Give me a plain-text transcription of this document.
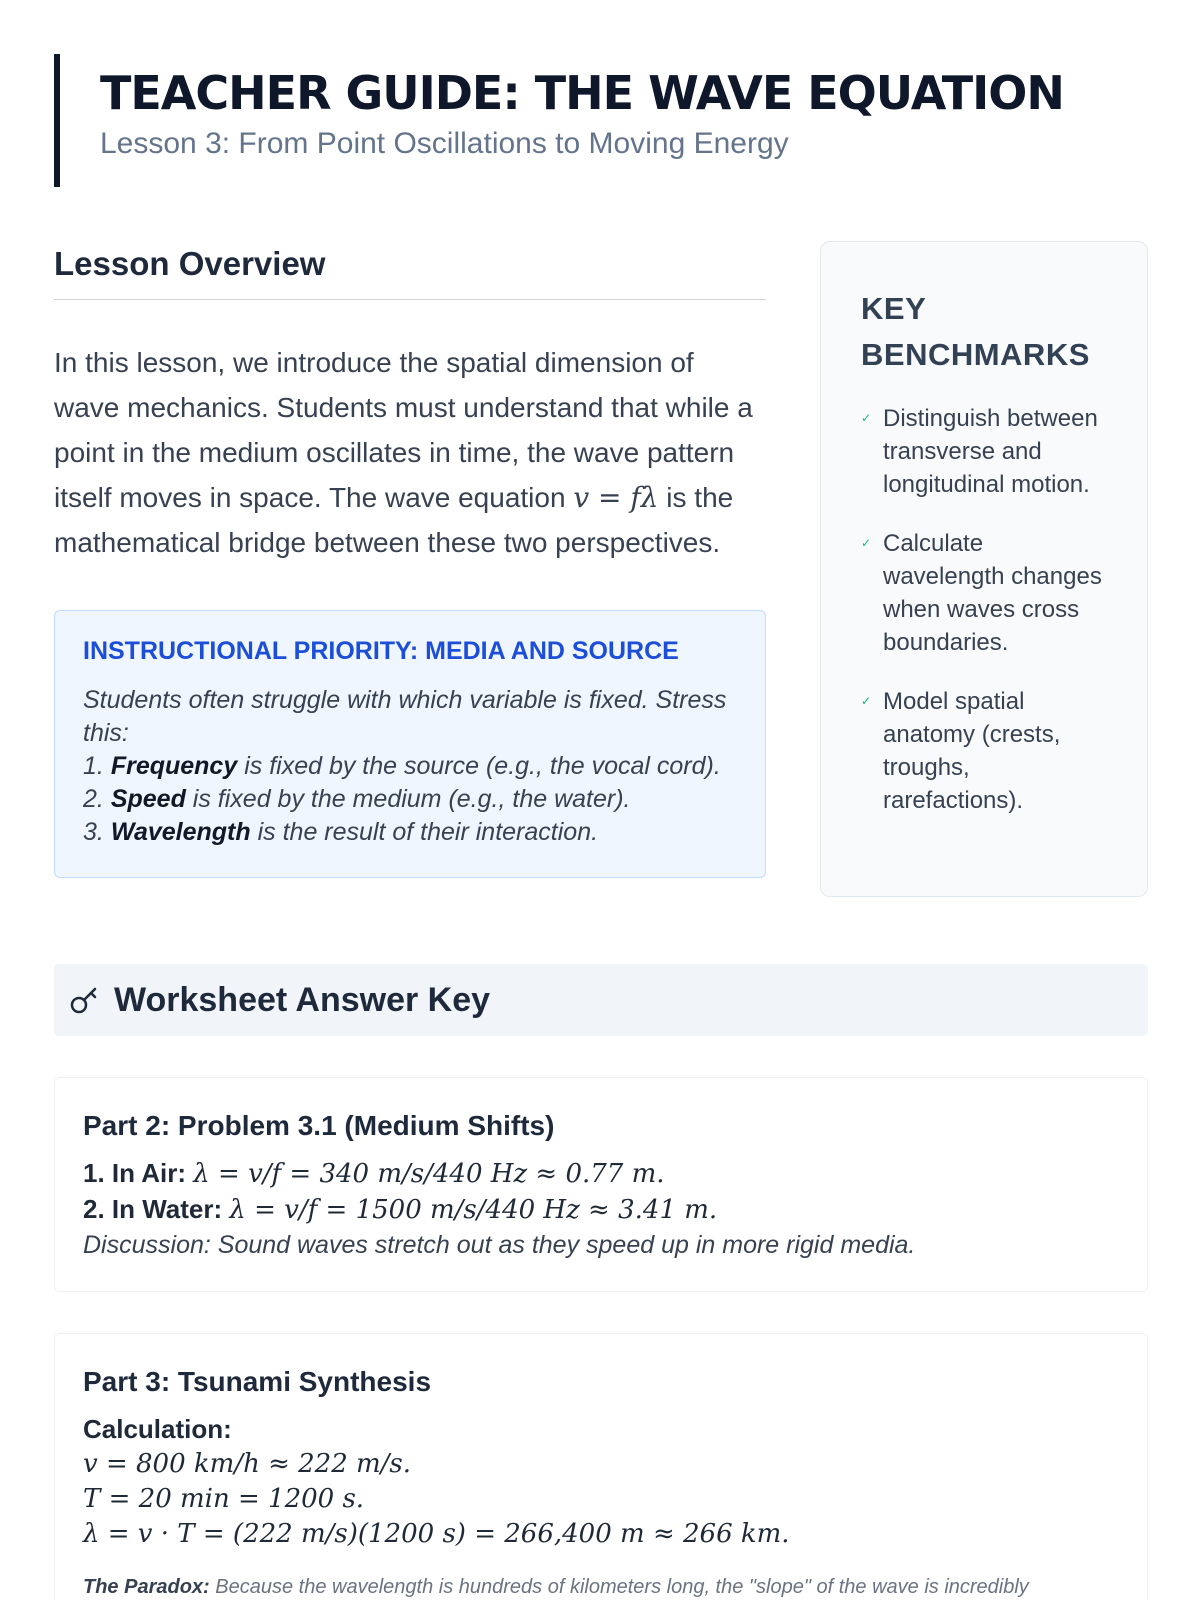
TEACHER GUIDE: THE WAVE EQUATION
Lesson 3: From Point Oscillations to Moving Energy
Lesson Overview

In this lesson, we introduce the spatial dimension of wave mechanics. Students must understand that while a point in the medium oscillates in time, the wave pattern itself moves in space. The wave equation v = fλ is the mathematical bridge between these two perspectives.

INSTRUCTIONAL PRIORITY: MEDIA AND SOURCE
Students often struggle with which variable is fixed. Stress this:
1. Frequency is fixed by the source (e.g., the vocal cord).
2. Speed is fixed by the medium (e.g., the water).
3. Wavelength is the result of their interaction.
KEY
BENCHMARKS
✓ Distinguish between transverse and longitudinal motion.
✓ Calculate wavelength changes when waves cross boundaries.
✓ Model spatial anatomy (crests, troughs, rarefactions).
Worksheet Answer Key
Part 2: Problem 3.1 (Medium Shifts)
1. In Air: λ = v/f = 340 m/s/440 Hz ≈ 0.77 m.
2. In Water: λ = v/f = 1500 m/s/440 Hz ≈ 3.41 m.
Discussion: Sound waves stretch out as they speed up in more rigid media.
Part 3: Tsunami Synthesis
Calculation:
v = 800 km/h ≈ 222 m/s.
T = 20 min = 1200 s.
λ = v · T = (222 m/s)(1200 s) = 266,400 m ≈ 266 km.
The Paradox: Because the wavelength is hundreds of kilometers long, the "slope" of the wave is incredibly
